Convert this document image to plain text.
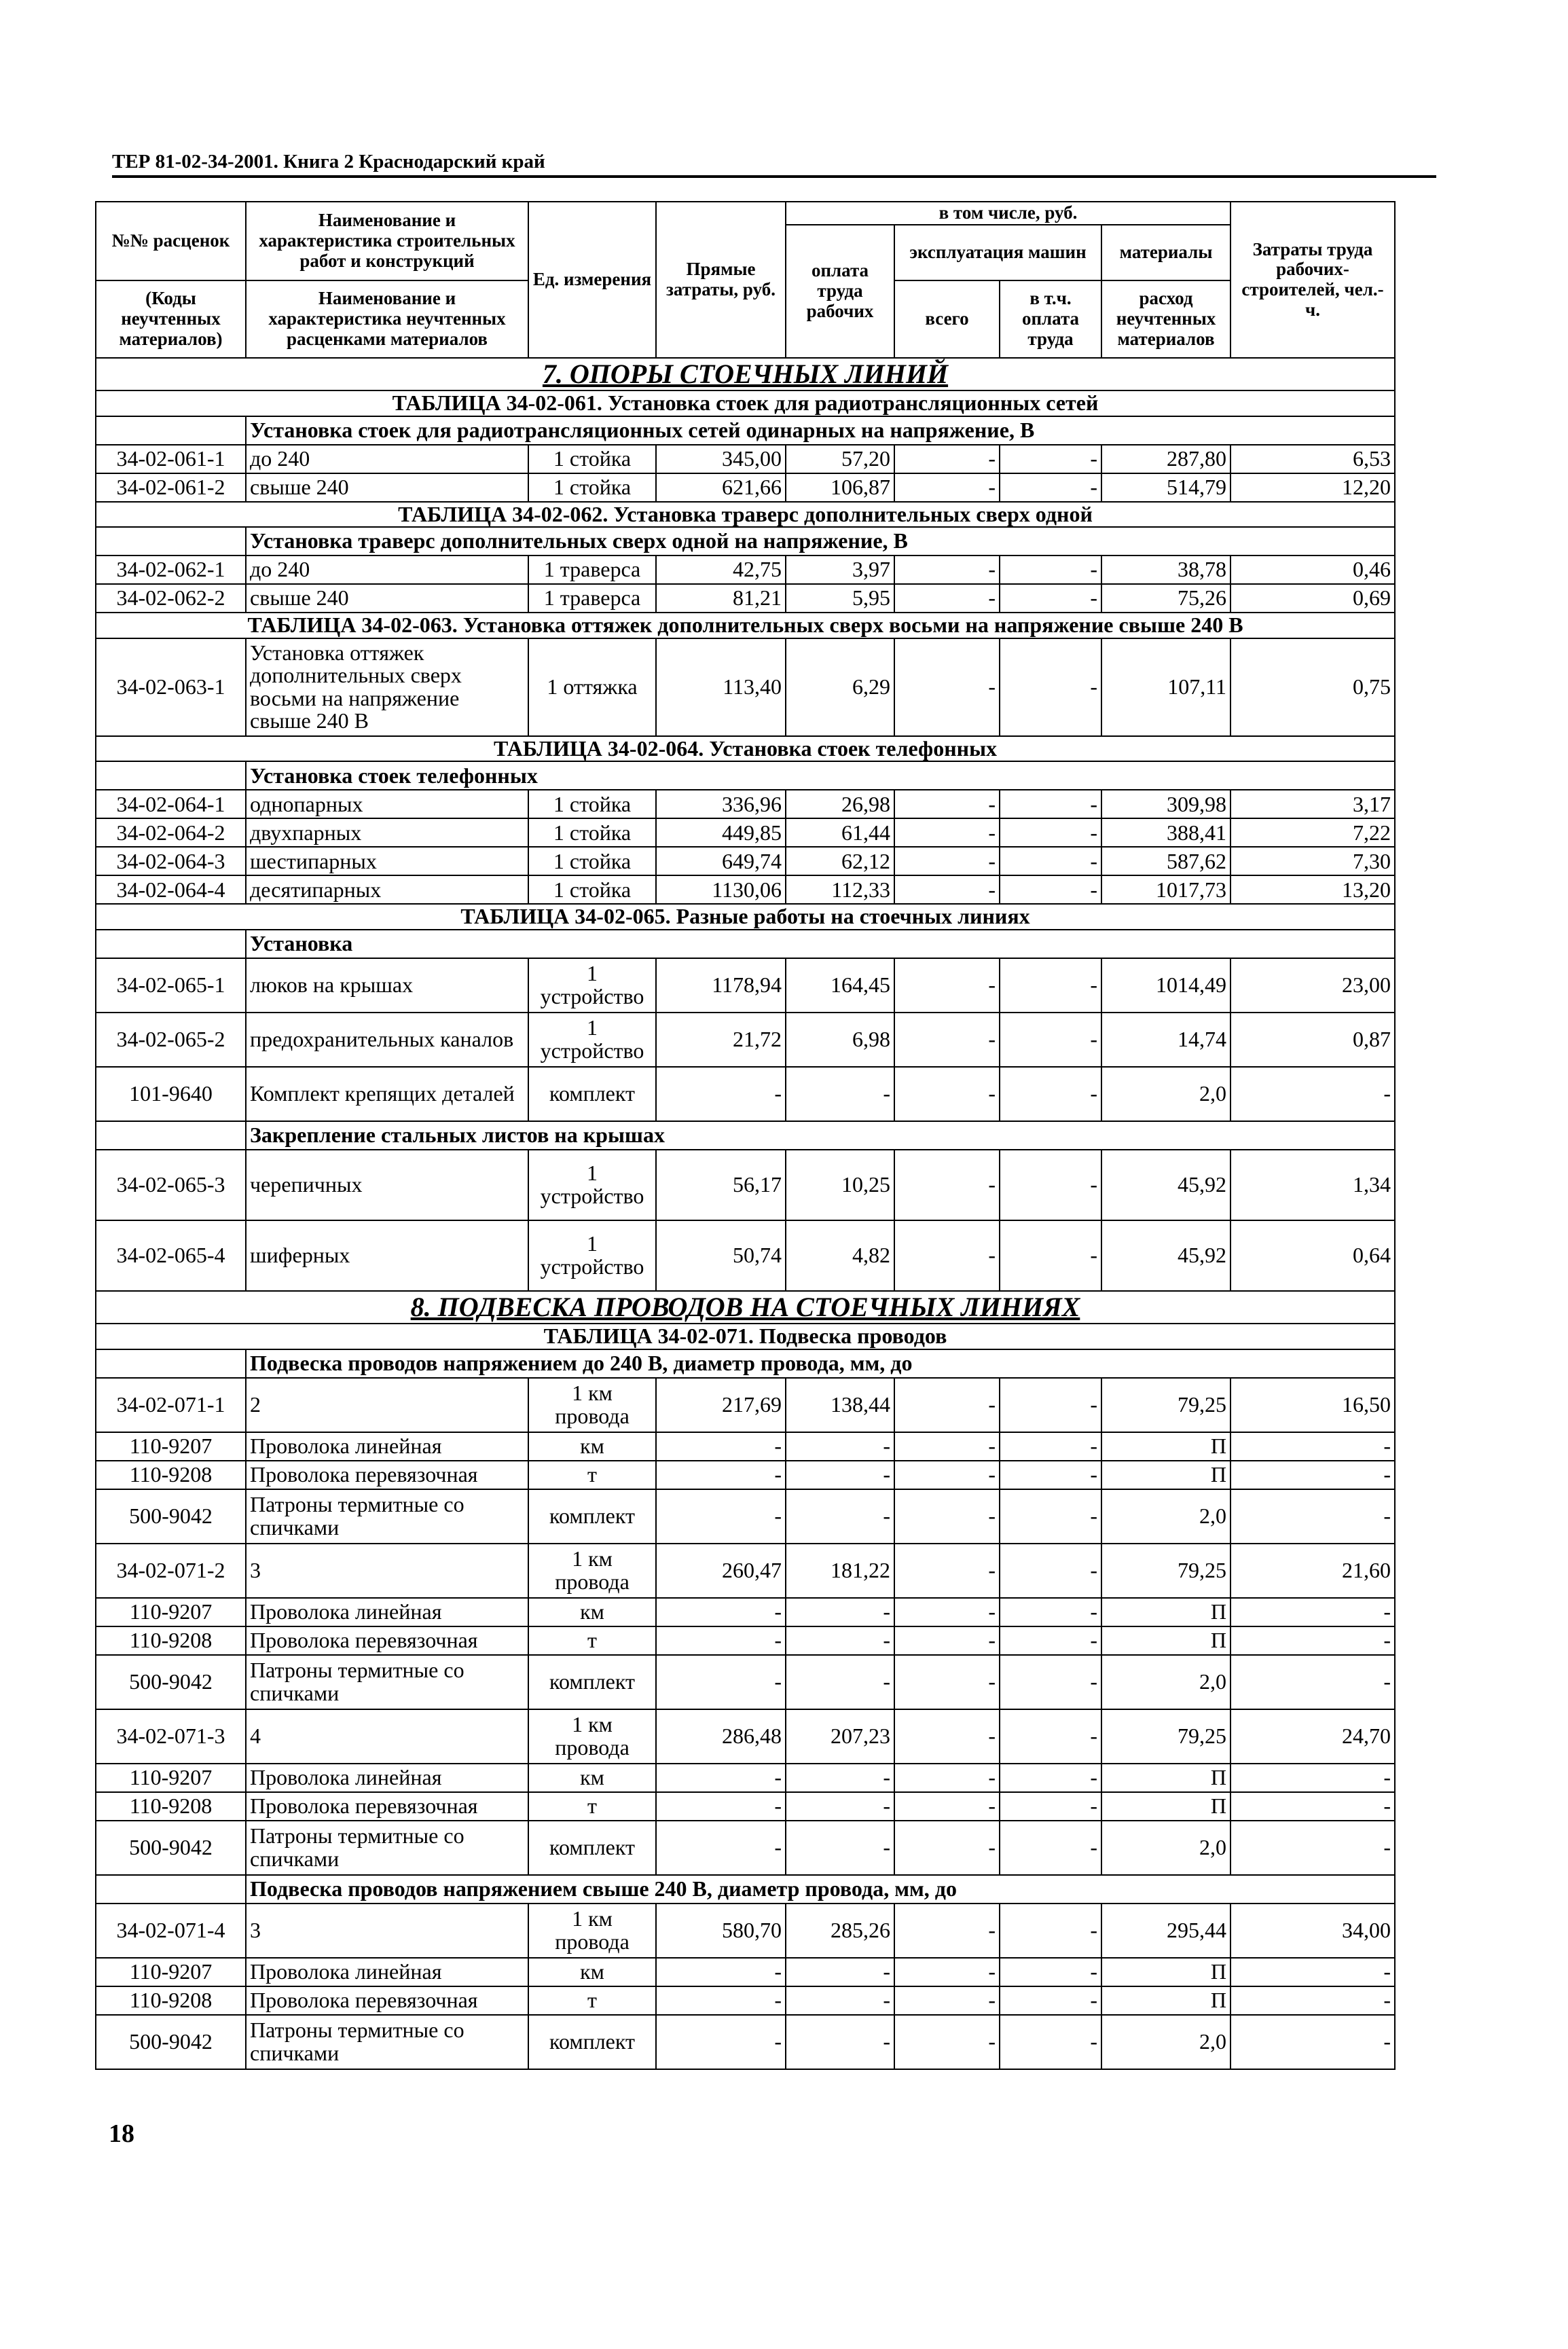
ТЕР 81-02-34-2001. Книга 2 Краснодарский край
№№ расценок	Наименование и характеристика строительных работ и конструкций	Ед. измерения	Прямые затраты, руб.	в том числе, руб.				Затраты труда рабочих-строителей, чел.-ч.
				оплата труда рабочих	эксплуатация машин		материалы	
(Коды неучтенных материалов)	Наименование и характеристика неучтенных расценками материалов				всего	в т.ч. оплата труда		
							расход неучтенных материалов	
7. ОПОРЫ СТОЕЧНЫХ ЛИНИЙ								
ТАБЛИЦА 34-02-061. Установка стоек для радиотрансляционных сетей								
	Установка стоек для радиотрансляционных сетей одинарных на напряжение, В							
34-02-061-1	до 240	1 стойка	345,00	57,20	-	-	287,80	6,53
34-02-061-2	свыше 240	1 стойка	621,66	106,87	-	-	514,79	12,20
ТАБЛИЦА 34-02-062. Установка траверс дополнительных сверх одной								
	Установка траверс дополнительных сверх одной на напряжение, В							
34-02-062-1	до 240	1 траверса	42,75	3,97	-	-	38,78	0,46
34-02-062-2	свыше 240	1 траверса	81,21	5,95	-	-	75,26	0,69
ТАБЛИЦА 34-02-063. Установка оттяжек дополнительных сверх восьми на напряжение свыше 240 В								
34-02-063-1	Установка оттяжек дополнительных сверх восьми на напряжение свыше 240 В	1 оттяжка	113,40	6,29	-	-	107,11	0,75
ТАБЛИЦА 34-02-064. Установка стоек телефонных								
	Установка стоек телефонных							
34-02-064-1	однопарных	1 стойка	336,96	26,98	-	-	309,98	3,17
34-02-064-2	двухпарных	1 стойка	449,85	61,44	-	-	388,41	7,22
34-02-064-3	шестипарных	1 стойка	649,74	62,12	-	-	587,62	7,30
34-02-064-4	десятипарных	1 стойка	1130,06	112,33	-	-	1017,73	13,20
ТАБЛИЦА 34-02-065. Разные работы на стоечных линиях								
	Установка							
34-02-065-1	люков на крышах	1 устройство	1178,94	164,45	-	-	1014,49	23,00
34-02-065-2	предохранительных каналов	1 устройство	21,72	6,98	-	-	14,74	0,87
101-9640	Комплект крепящих деталей	комплект	-	-	-	-	2,0	-
	Закрепление стальных листов на крышах							
34-02-065-3	черепичных	1 устройство	56,17	10,25	-	-	45,92	1,34
34-02-065-4	шиферных	1 устройство	50,74	4,82	-	-	45,92	0,64
8. ПОДВЕСКА ПРОВОДОВ НА СТОЕЧНЫХ ЛИНИЯХ								
ТАБЛИЦА 34-02-071. Подвеска проводов								
	Подвеска проводов напряжением до 240 В, диаметр провода, мм, до							
34-02-071-1	2	1 км провода	217,69	138,44	-	-	79,25	16,50
110-9207	Проволока линейная	км	-	-	-	-	П	-
110-9208	Проволока перевязочная	т	-	-	-	-	П	-
500-9042	Патроны термитные со спичками	комплект	-	-	-	-	2,0	-
34-02-071-2	3	1 км провода	260,47	181,22	-	-	79,25	21,60
110-9207	Проволока линейная	км	-	-	-	-	П	-
110-9208	Проволока перевязочная	т	-	-	-	-	П	-
500-9042	Патроны термитные со спичками	комплект	-	-	-	-	2,0	-
34-02-071-3	4	1 км провода	286,48	207,23	-	-	79,25	24,70
110-9207	Проволока линейная	км	-	-	-	-	П	-
110-9208	Проволока перевязочная	т	-	-	-	-	П	-
500-9042	Патроны термитные со спичками	комплект	-	-	-	-	2,0	-
	Подвеска проводов напряжением свыше 240 В, диаметр провода, мм, до							
34-02-071-4	3	1 км провода	580,70	285,26	-	-	295,44	34,00
110-9207	Проволока линейная	км	-	-	-	-	П	-
110-9208	Проволока перевязочная	т	-	-	-	-	П	-
500-9042	Патроны термитные со спичками	комплект	-	-	-	-	2,0	-
18
